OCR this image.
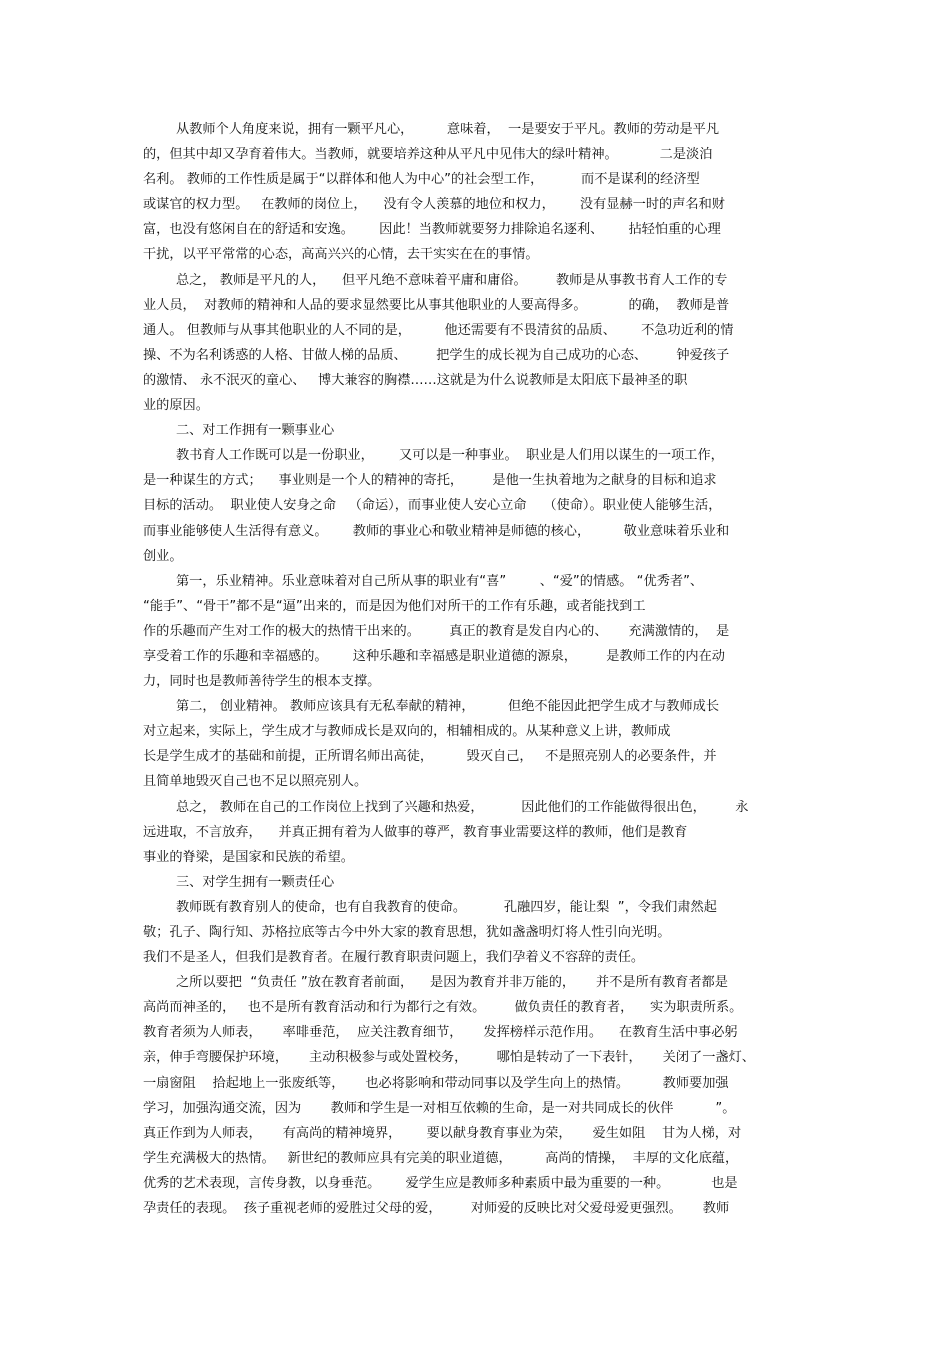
从教师个人角度来说，拥有一颗平凡心，        意味着，  一是要安于平凡。教师的劳动是平凡
的，但其中却又孕育着伟大。当教师，就要培养这种从平凡中见伟大的绿叶精神。          二是淡泊
名利。 教师的工作性质是属于“以群体和他人为中心”的社会型工作，         而不是谋利的经济型
或谋官的权力型。   在教师的岗位上，    没有令人羡慕的地位和权力，      没有显赫一时的声名和财
富，也没有悠闲自在的舒适和安逸。      因此！当教师就要努力排除追名逐利、      拈轻怕重的心理
干扰，以平平常常的心态，高高兴兴的心情，去干实实在在的事情。
总之， 教师是平凡的人，    但平凡绝不意味着平庸和庸俗。       教师是从事教书育人工作的专
业人员，  对教师的精神和人品的要求显然要比从事其他职业的人要高得多。          的确，  教师是普
通人。 但教师与从事其他职业的人不同的是，        他还需要有不畏清贫的品质、      不急功近利的情
操、不为名利诱惑的人格、甘做人梯的品质、       把学生的成长视为自己成功的心态、       钟爱孩子
的激情、 永不泯灭的童心、   博大兼容的胸襟……这就是为什么说教师是太阳底下最神圣的职
业的原因。
二、对工作拥有一颗事业心
教书育人工作既可以是一份职业，      又可以是一种事业。  职业是人们用以谋生的一项工作，
是一种谋生的方式；    事业则是一个人的精神的寄托，       是他一生执着地为之献身的目标和追求
目标的活动。  职业使人安身之命   （命运），而事业使人安心立命    （使命）。职业使人能够生活，
而事业能够使人生活得有意义。      教师的事业心和敬业精神是师德的核心，        敬业意味着乐业和
创业。
第一，乐业精神。乐业意味着对自己所从事的职业有“喜”        、“爱”的情感。 “优秀者”、
“能手”、“骨干”都不是“逼”出来的，而是因为他们对所干的工作有乐趣，或者能找到工
作的乐趣而产生对工作的极大的热情干出来的。       真正的教育是发自内心的、     充满激情的，  是
享受着工作的乐趣和幸福感的。      这种乐趣和幸福感是职业道德的源泉，       是教师工作的内在动
力，同时也是教师善待学生的根本支撑。
第二， 创业精神。 教师应该具有无私奉献的精神，        但绝不能因此把学生成才与教师成长
对立起来，实际上，学生成才与教师成长是双向的，相辅相成的。从某种意义上讲，教师成
长是学生成才的基础和前提，正所谓名师出高徒，        毁灭自己，   不是照亮别人的必要条件，并
且简单地毁灭自己也不足以照亮别人。
总之， 教师在自己的工作岗位上找到了兴趣和热爱，         因此他们的工作能做得很出色，       永
远进取，不言放弃，    并真正拥有着为人做事的尊严，教育事业需要这样的教师，他们是教育
事业的脊梁，是国家和民族的希望。
三、对学生拥有一颗责任心
教师既有教育别人的使命，也有自我教育的使命。         孔融四岁，能让梨  ”，令我们肃然起
敬；孔子、陶行知、苏格拉底等古今中外大家的教育思想，犹如盏盏明灯将人性引向光明。
我们不是圣人，但我们是教育者。在履行教育职责问题上，我们孕着义不容辞的责任。
之所以要把  “负责任 ”放在教育者前面，    是因为教育并非万能的，     并不是所有教育者都是
高尚而神圣的，   也不是所有教育活动和行为都行之有效。       做负责任的教育者，    实为职责所系。
教育者须为人师表，     率啡垂范，  应关注教育细节，     发挥榜样示范作用。    在教育生活中事必躬
亲，伸手弯腰保护环境，     主动积极参与或处置校务，       哪怕是转动了一下表针，     关闭了一盏灯、
一扇窗阻    拾起地上一张废纸等，     也必将影响和带动同事以及学生向上的热情。        教师要加强
学习，加强沟通交流，因为       教师和学生是一对相互依赖的生命，是一对共同成长的伙伴          ”。
真正作到为人师表，     有高尚的精神境界，      要以献身教育事业为荣，     爱生如阻    甘为人梯，对
学生充满极大的热情。   新世纪的教师应具有完美的职业道德，        高尚的情操，  丰厚的文化底蕴，
优秀的艺术表现，言传身教，以身垂范。      爱学生应是教师多种素质中最为重要的一种。          也是
孕责任的表现。  孩子重视老师的爱胜过父母的爱，       对师爱的反映比对父爱母爱更强烈。     教师
